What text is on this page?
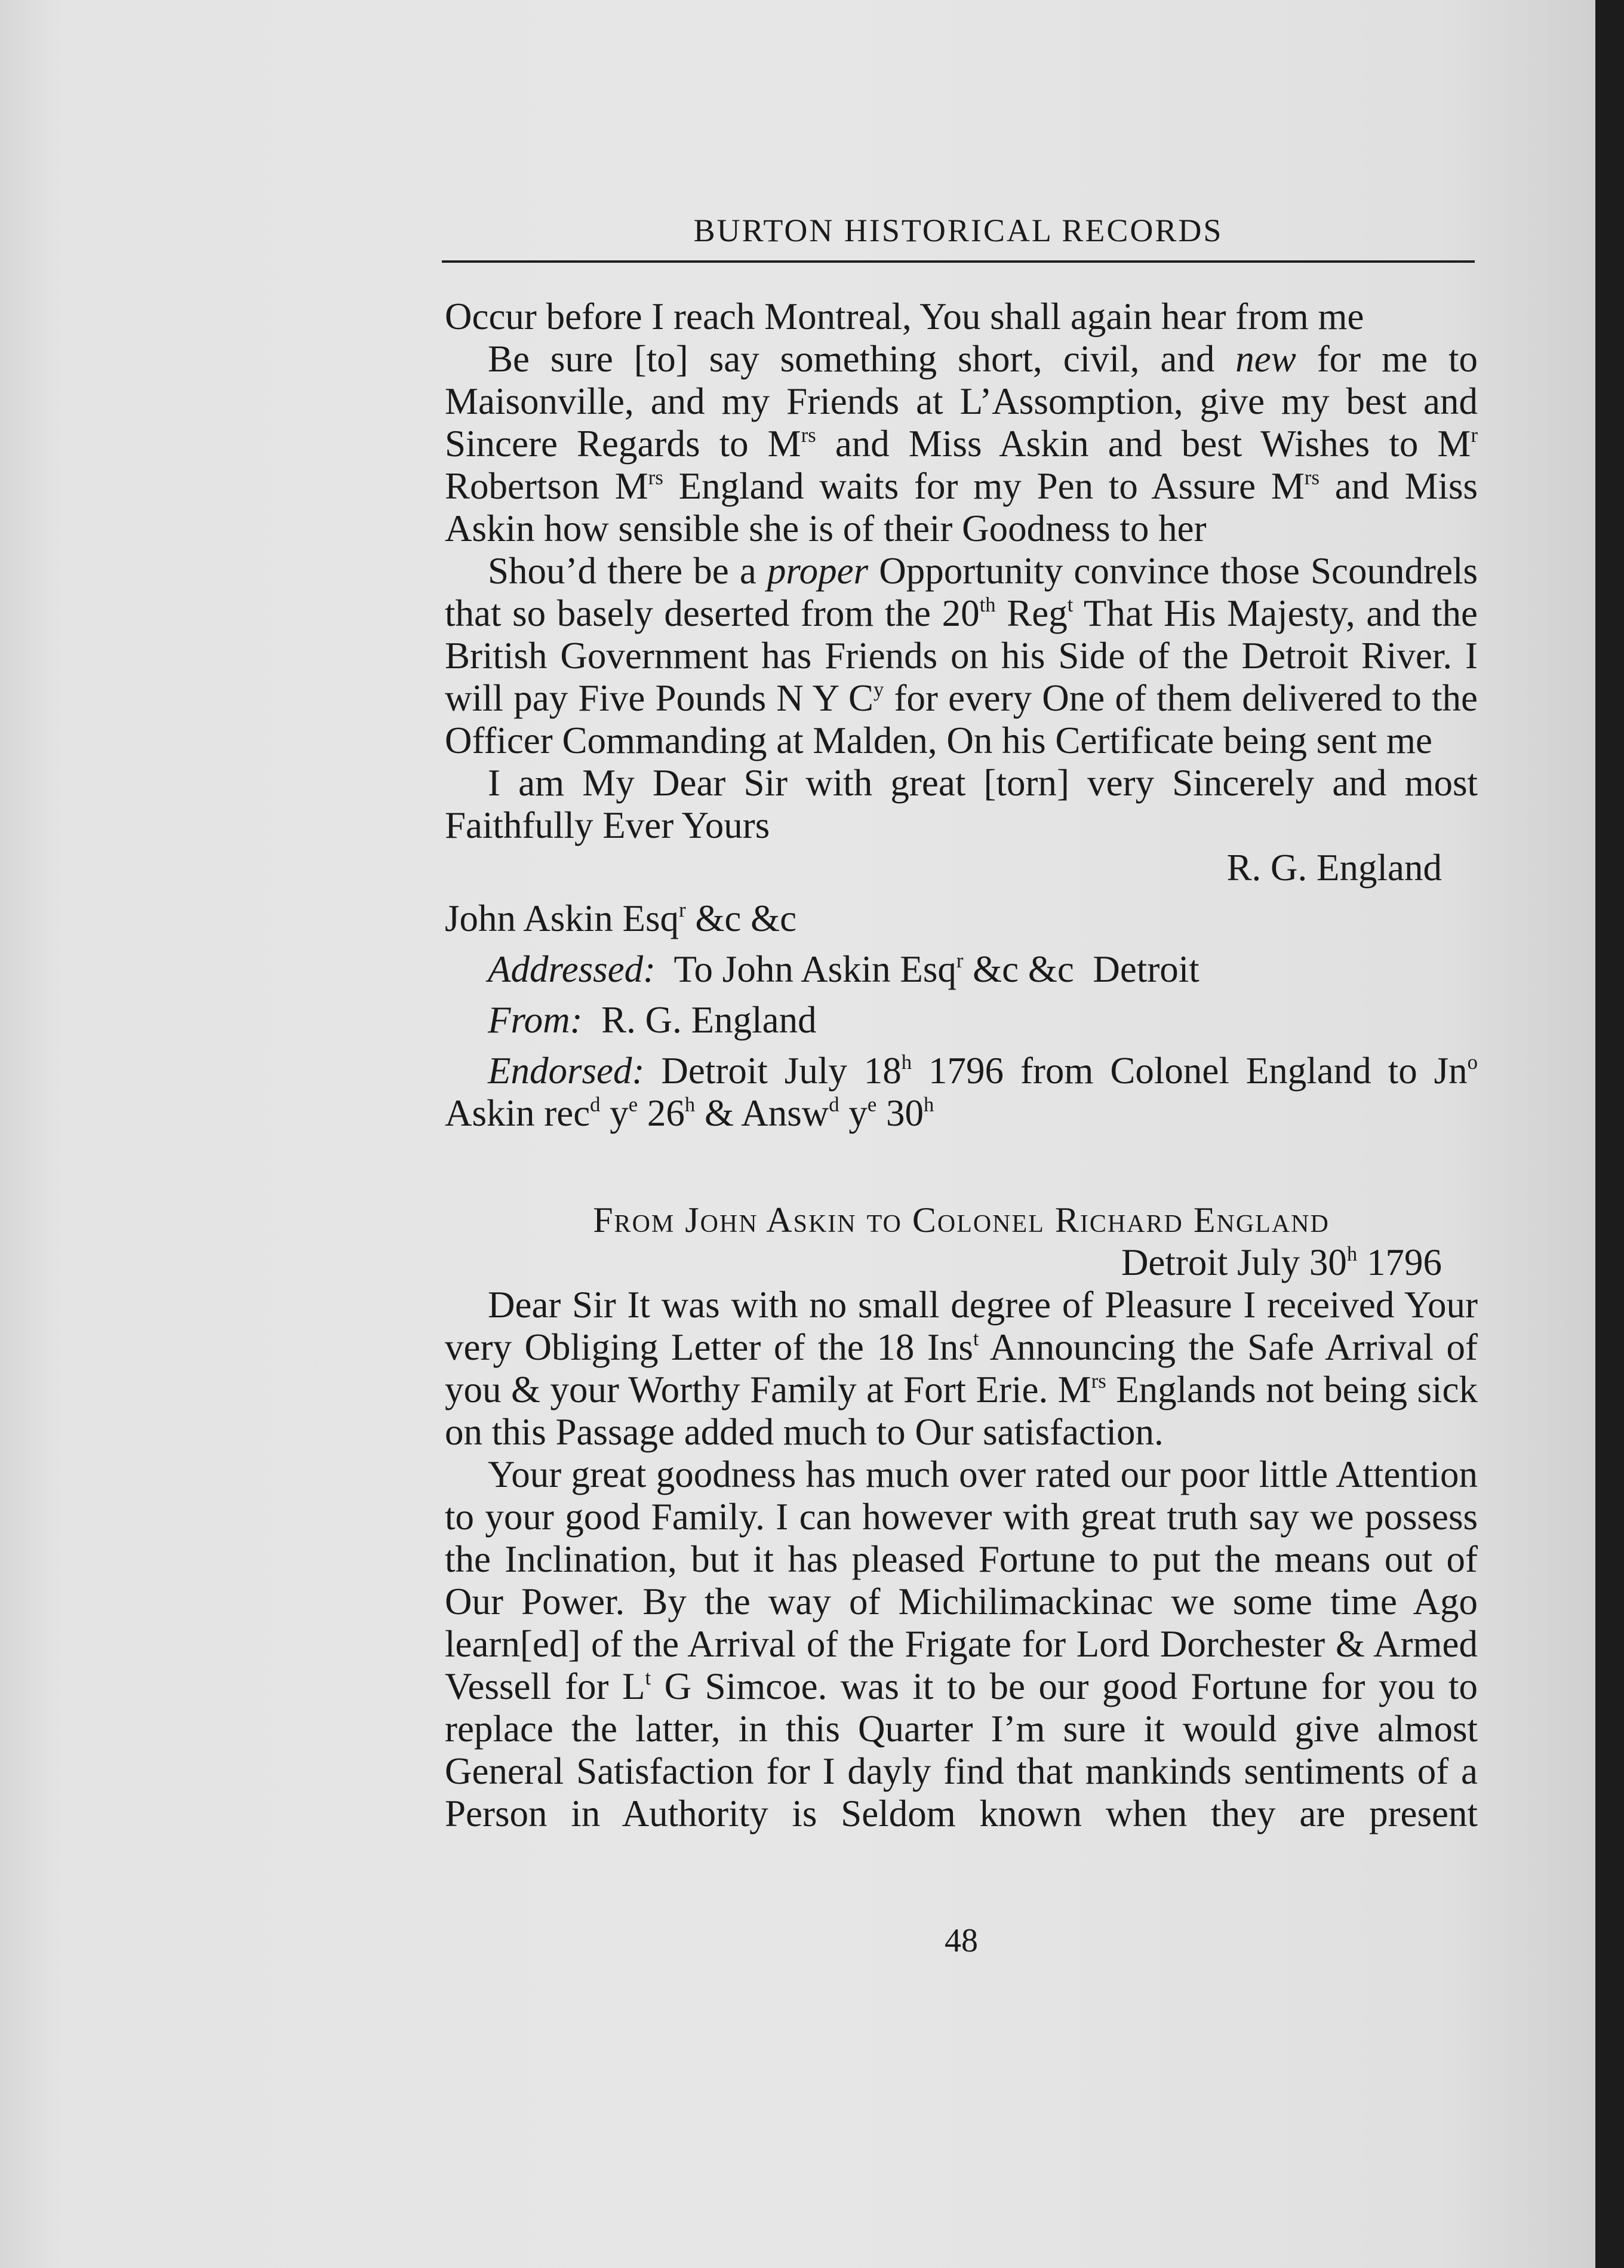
BURTON HISTORICAL RECORDS

Occur before I reach Montreal, You shall again hear from me

Be sure [to] say something short, civil, and new for me to Maisonville, and my Friends at L’Assomption, give my best and Sincere Regards to $M^{rs}$ and Miss Askin and best Wishes to $M^r$ Robertson $M^{rs}$ England waits for my Pen to Assure $M^{rs}$ and Miss Askin how sensible she is of their Goodness to her

Shou’d there be a proper Opportunity convince those Scoundrels that so basely deserted from the 20th Reg$^t$ That His Majesty, and the British Government has Friends on his Side of the Detroit River. I will pay Five Pounds N Y $C^y$ for every One of them delivered to the Officer Commanding at Malden, On his Certificate being sent me

I am My Dear Sir with great [torn] very Sincerely and most Faithfully Ever Yours

R. G. England

John Askin Esq$^r$ &c &c

Addressed:  To John Askin Esq$^r$ &c &c  Detroit

From:  R. G. England

Endorsed: Detroit July 18$^h$ 1796 from Colonel England to Jn$^o$ Askin rec$^d$ $y^e$ 26$^h$ & Answ$^d$ $y^e$ 30$^h$

From John Askin to Colonel Richard England

Detroit July 30$^h$ 1796

Dear Sir It was with no small degree of Pleasure I received Your very Obliging Letter of the 18 Ins$^t$ Announcing the Safe Arrival of you & your Worthy Family at Fort Erie. $M^{rs}$ Englands not being sick on this Passage added much to Our satisfaction.

Your great goodness has much over rated our poor little Attention to your good Family. I can however with great truth say we possess the Inclination, but it has pleased Fortune to put the means out of Our Power. By the way of Michilimackinac we some time Ago learn[ed] of the Arrival of the Frigate for Lord Dorchester & Armed Vessell for $L^t$ G Simcoe. was it to be our good Fortune for you to replace the latter, in this Quarter I’m sure it would give almost General Satisfaction for I dayly find that mankinds sentiments of a Person in Authority is Seldom known when they are present

48
